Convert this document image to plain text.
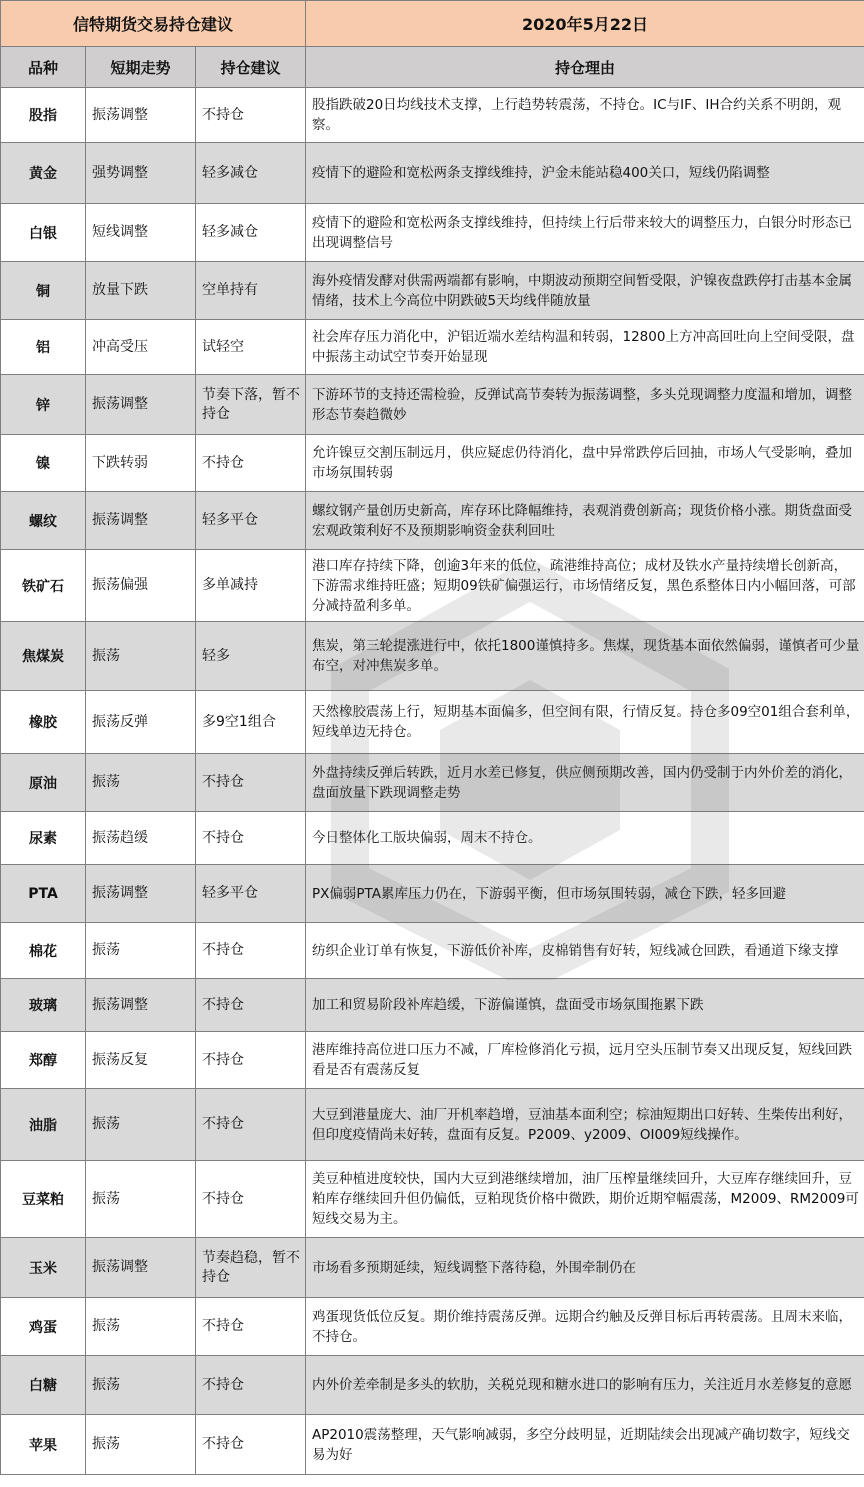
信特期货交易持仓建议			2020年5月22日
品种	短期走势	持仓建议	持仓理由
股指	振荡调整	不持仓	股指跌破20日均线技术支撑，上行趋势转震荡，不持仓。IC与IF、IH合约关系不明朗，观察。
黄金	强势调整	轻多减仓	疫情下的避险和宽松两条支撑线维持，沪金未能站稳400关口，短线仍陷调整
白银	短线调整	轻多减仓	疫情下的避险和宽松两条支撑线维持，但持续上行后带来较大的调整压力，白银分时形态已出现调整信号
铜	放量下跌	空单持有	海外疫情发酵对供需两端都有影响，中期波动预期空间暂受限，沪镍夜盘跌停打击基本金属情绪，技术上今高位中阴跌破5天均线伴随放量
铝	冲高受压	试轻空	社会库存压力消化中，沪铝近端水差结构温和转弱，12800上方冲高回吐向上空间受限，盘中振荡主动试空节奏开始显现
锌	振荡调整	节奏下落，暂不持仓	下游环节的支持还需检验，反弹试高节奏转为振荡调整，多头兑现调整力度温和增加，调整形态节奏趋微妙
镍	下跌转弱	不持仓	允许镍豆交割压制远月，供应疑虑仍待消化，盘中异常跌停后回抽，市场人气受影响，叠加市场氛围转弱
螺纹	振荡调整	轻多平仓	螺纹钢产量创历史新高，库存环比降幅维持，表观消费创新高；现货价格小涨。期货盘面受宏观政策利好不及预期影响资金获利回吐
铁矿石	振荡偏强	多单减持	港口库存持续下降，创逾3年来的低位，疏港维持高位；成材及铁水产量持续增长创新高，下游需求维持旺盛；短期09铁矿偏强运行，市场情绪反复，黑色系整体日内小幅回落，可部分减持盈利多单。
焦煤炭	振荡	轻多	焦炭，第三轮提涨进行中，依托1800谨慎持多。焦煤，现货基本面依然偏弱，谨慎者可少量布空，对冲焦炭多单。
橡胶	振荡反弹	多9空1组合	天然橡胶震荡上行，短期基本面偏多，但空间有限，行情反复。持仓多09空01组合套利单，短线单边无持仓。
原油	振荡	不持仓	外盘持续反弹后转跌，近月水差已修复，供应侧预期改善，国内仍受制于内外价差的消化，盘面放量下跌现调整走势
尿素	振荡趋缓	不持仓	今日整体化工版块偏弱，周末不持仓。
PTA	振荡调整	轻多平仓	PX偏弱PTA累库压力仍在，下游弱平衡，但市场氛围转弱，减仓下跌，轻多回避
棉花	振荡	不持仓	纺织企业订单有恢复，下游低价补库，皮棉销售有好转，短线减仓回跌，看通道下缘支撑
玻璃	振荡调整	不持仓	加工和贸易阶段补库趋缓，下游偏谨慎，盘面受市场氛围拖累下跌
郑醇	振荡反复	不持仓	港库维持高位进口压力不减，厂库检修消化亏损，远月空头压制节奏又出现反复，短线回跌看是否有震荡反复
油脂	振荡	不持仓	大豆到港量庞大、油厂开机率趋增，豆油基本面利空；棕油短期出口好转、生柴传出利好，但印度疫情尚未好转，盘面有反复。P2009、y2009、OI009短线操作。
豆菜粕	振荡	不持仓	美豆种植进度较快，国内大豆到港继续增加，油厂压榨量继续回升，大豆库存继续回升，豆粕库存继续回升但仍偏低，豆粕现货价格中微跌，期价近期窄幅震荡，M2009、RM2009可短线交易为主。
玉米	振荡调整	节奏趋稳，暂不持仓	市场看多预期延续，短线调整下落待稳，外围牵制仍在
鸡蛋	振荡	不持仓	鸡蛋现货低位反复。期价维持震荡反弹。远期合约触及反弹目标后再转震荡。且周末来临，不持仓。
白糖	振荡	不持仓	内外价差牵制是多头的软肋，关税兑现和糖水进口的影响有压力，关注近月水差修复的意愿
苹果	振荡	不持仓	AP2010震荡整理，天气影响减弱，多空分歧明显，近期陆续会出现减产确切数字，短线交易为好
